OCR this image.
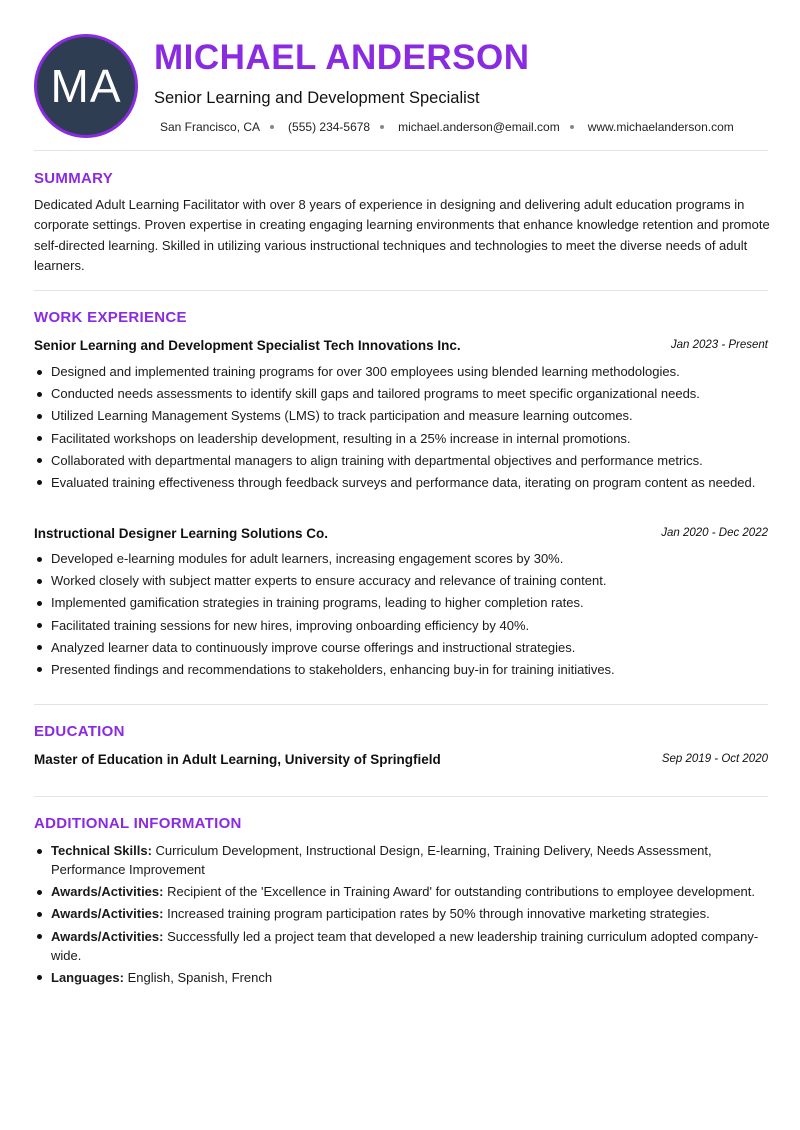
MA
MICHAEL ANDERSON
Senior Learning and Development Specialist
San Francisco, CA (555) 234-5678 michael.anderson@email.com www.michaelanderson.com
SUMMARY

Dedicated Adult Learning Facilitator with over 8 years of experience in designing and delivering adult education programs in corporate settings. Proven expertise in creating engaging learning environments that enhance knowledge retention and promote self-directed learning. Skilled in utilizing various instructional techniques and technologies to meet the diverse needs of adult learners.

WORK EXPERIENCE
Senior Learning and Development Specialist Tech Innovations Inc.	Jan 2023 - Present
Designed and implemented training programs for over 300 employees using blended learning methodologies.
Conducted needs assessments to identify skill gaps and tailored programs to meet specific organizational needs.
Utilized Learning Management Systems (LMS) to track participation and measure learning outcomes.
Facilitated workshops on leadership development, resulting in a 25% increase in internal promotions.
Collaborated with departmental managers to align training with departmental objectives and performance metrics.
Evaluated training effectiveness through feedback surveys and performance data, iterating on program content as needed.
Instructional Designer Learning Solutions Co.	Jan 2020 - Dec 2022
Developed e-learning modules for adult learners, increasing engagement scores by 30%.
Worked closely with subject matter experts to ensure accuracy and relevance of training content.
Implemented gamification strategies in training programs, leading to higher completion rates.
Facilitated training sessions for new hires, improving onboarding efficiency by 40%.
Analyzed learner data to continuously improve course offerings and instructional strategies.
Presented findings and recommendations to stakeholders, enhancing buy-in for training initiatives.
EDUCATION
Master of Education in Adult Learning, University of Springfield	Sep 2019 - Oct 2020
ADDITIONAL INFORMATION
Technical Skills: Curriculum Development, Instructional Design, E-learning, Training Delivery, Needs Assessment, Performance Improvement
Awards/Activities: Recipient of the 'Excellence in Training Award' for outstanding contributions to employee development.
Awards/Activities: Increased training program participation rates by 50% through innovative marketing strategies.
Awards/Activities: Successfully led a project team that developed a new leadership training curriculum adopted company-wide.
Languages: English, Spanish, French
